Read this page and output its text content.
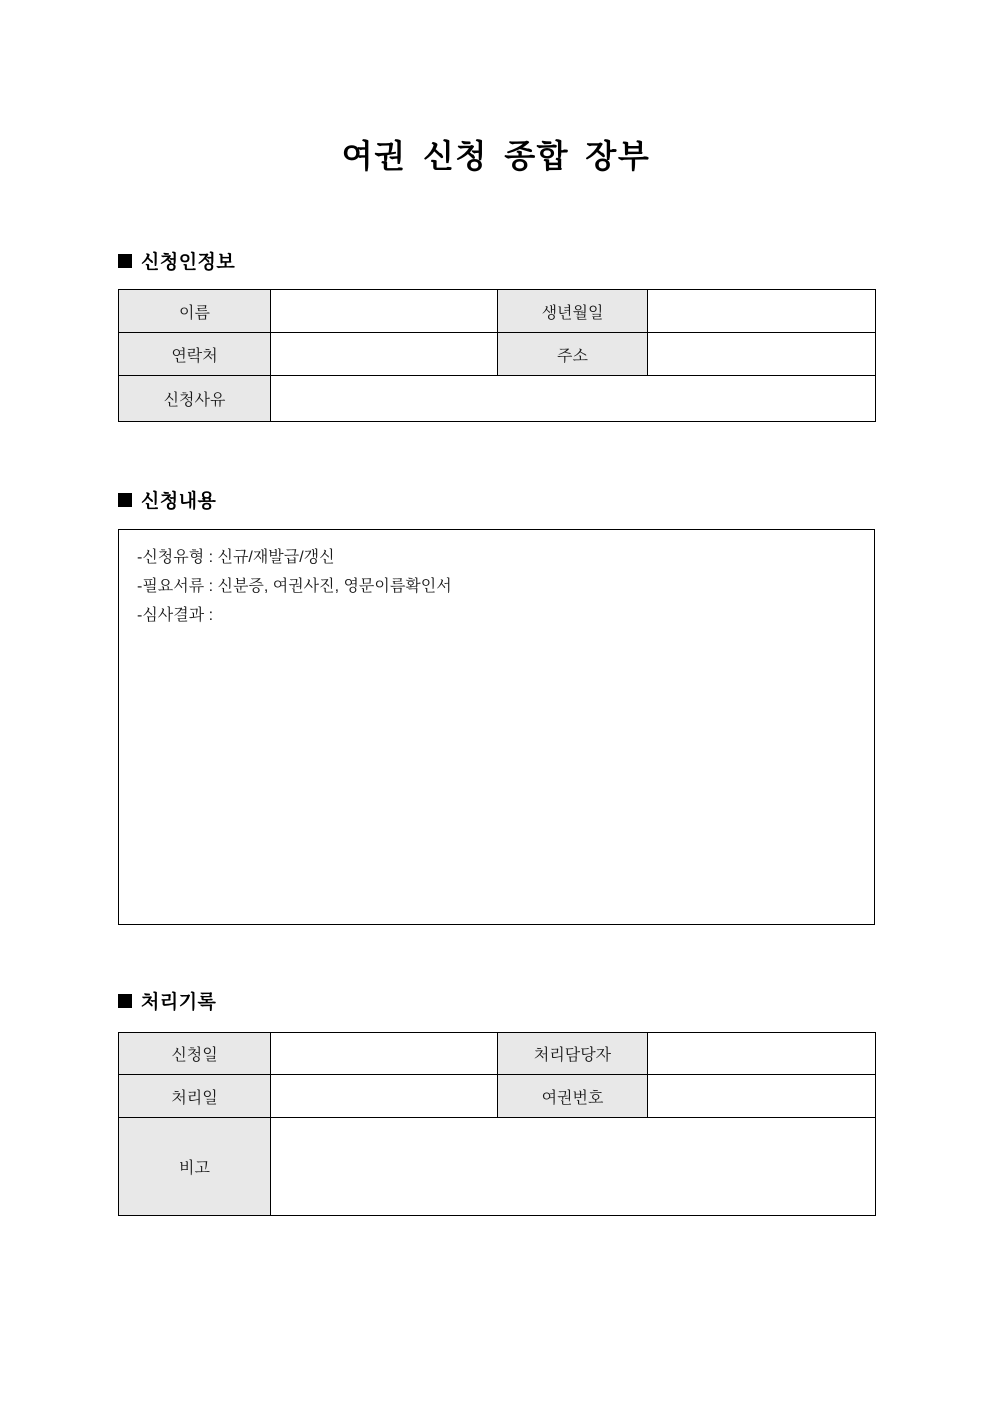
여권 신청 종합 장부
신청인정보
이름		생년월일	
연락처		주소	
신청사유			
신청내용
-신청유형 : 신규/재발급/갱신
-필요서류 : 신분증, 여권사진, 영문이름확인서
-심사결과 :
처리기록
신청일		처리담당자	
처리일		여권번호	
비고			
